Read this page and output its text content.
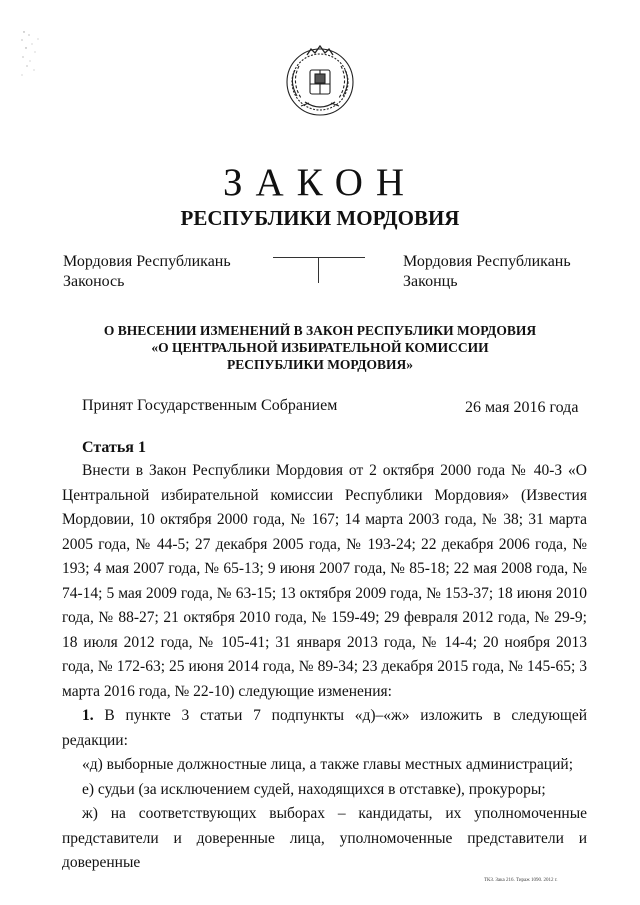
ЗАКОН
РЕСПУБЛИКИ МОРДОВИЯ
Мордовия Республикань
Законось
Мордовия Республикань
Законць
О ВНЕСЕНИИ ИЗМЕНЕНИЙ В ЗАКОН РЕСПУБЛИКИ МОРДОВИЯ
«О ЦЕНТРАЛЬНОЙ ИЗБИРАТЕЛЬНОЙ КОМИССИИ
РЕСПУБЛИКИ МОРДОВИЯ»
Принят Государственным Собранием	26 мая 2016 года
Статья 1

Внести в Закон Республики Мордовия от 2 октября 2000 года № 40-З «О Центральной избирательной комиссии Республики Мордовия» (Известия Мордовии, 10 октября 2000 года, № 167; 14 марта 2003 года, № 38; 31 марта 2005 года, № 44-5; 27 декабря 2005 года, № 193-24; 22 декабря 2006 года, № 193; 4 мая 2007 года, № 65-13; 9 июня 2007 года, № 85-18; 22 мая 2008 года, № 74-14; 5 мая 2009 года, № 63-15; 13 октября 2009 года, № 153-37; 18 июня 2010 года, № 88-27; 21 октября 2010 года, № 159-49; 29 февраля 2012 года, № 29-9; 18 июля 2012 года, № 105-41; 31 января 2013 года, № 14-4; 20 ноября 2013 года, № 172-63; 25 июня 2014 года, № 89-34; 23 декабря 2015 года, № 145-65; 3 марта 2016 года, № 22-10) следующие изменения:

1. В пункте 3 статьи 7 подпункты «д)–«ж» изложить в следующей редакции:

«д) выборные должностные лица, а также главы местных администраций;

е) судьи (за исключением судей, находящихся в отставке), прокуроры;

ж) на соответствующих выборах – кандидаты, их уполномоченные представители и доверенные лица, уполномоченные представители и доверенные

ТКЗ. Зака 216. Тираж 1090. 2012 г.
